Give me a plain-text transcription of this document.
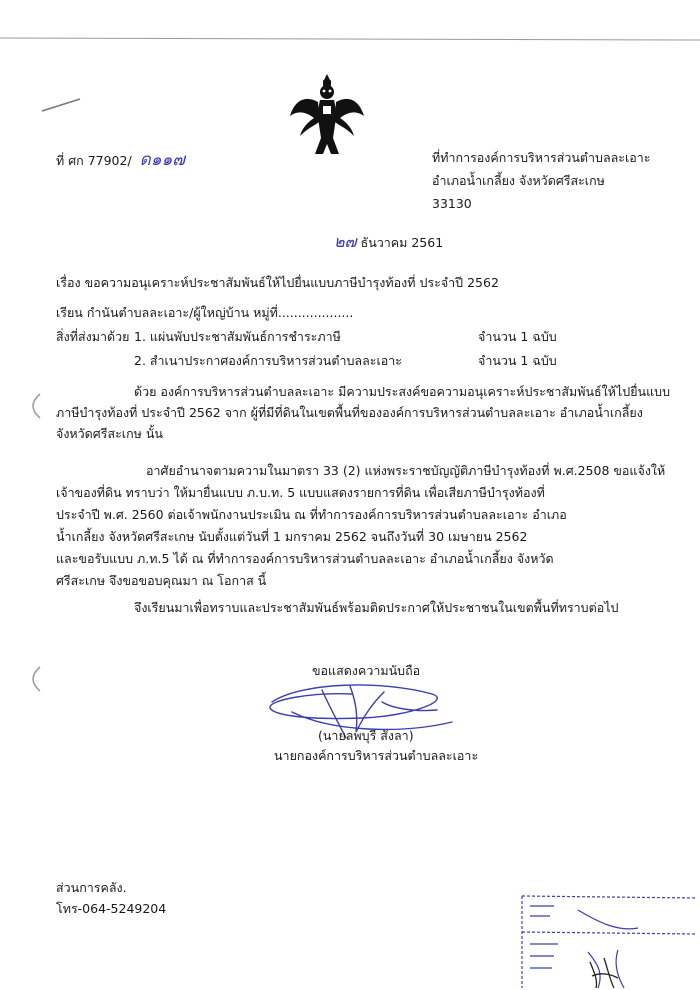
ที่ ศก 77902/ ด๑๑๗	ที่ทำการองค์การบริหารส่วนตำบลละเอาะ
อำเภอน้ำเกลี้ยง จังหวัดศรีสะเกษ
33130
๒๗ ธันวาคม 2561
เรื่อง ขอความอนุเคราะห์ประชาสัมพันธ์ให้ไปยื่นแบบภาษีบำรุงท้องที่ ประจำปี 2562
เรียน กำนันตำบลละเอาะ/ผู้ใหญ่บ้าน หมู่ที่...................
สิ่งที่ส่งมาด้วย 1. แผ่นพับประชาสัมพันธ์การชำระภาษี	จำนวน 1 ฉบับ
2. สำเนาประกาศองค์การบริหารส่วนตำบลละเอาะ	จำนวน 1 ฉบับ
ด้วย องค์การบริหารส่วนตำบลละเอาะ มีความประสงค์ขอความอนุเคราะห์ประชาสัมพันธ์ให้ไปยื่นแบบ
ภาษีบำรุงท้องที่ ประจำปี 2562 จาก ผู้ที่มีที่ดินในเขตพื้นที่ขององค์การบริหารส่วนตำบลละเอาะ อำเภอน้ำเกลี้ยง
จังหวัดศรีสะเกษ นั้น
อาศัยอำนาจตามความในมาตรา 33 (2) แห่งพระราชบัญญัติภาษีบำรุงท้องที่ พ.ศ.2508 ขอแจ้งให้
เจ้าของที่ดิน ทราบว่า ให้มายื่นแบบ ภ.บ.ท. 5 แบบแสดงรายการที่ดิน เพื่อเสียภาษีบำรุงท้องที่
ประจำปี พ.ศ. 2560 ต่อเจ้าพนักงานประเมิน ณ ที่ทำการองค์การบริหารส่วนตำบลละเอาะ อำเภอ
น้ำเกลี้ยง จังหวัดศรีสะเกษ นับตั้งแต่วันที่ 1 มกราคม 2562 จนถึงวันที่ 30 เมษายน 2562
และขอรับแบบ ภ.ท.5 ได้ ณ ที่ทำการองค์การบริหารส่วนตำบลละเอาะ อำเภอน้ำเกลี้ยง จังหวัด
ศรีสะเกษ จึงขอขอบคุณมา ณ โอกาส นี้
จึงเรียนมาเพื่อทราบและประชาสัมพันธ์พร้อมติดประกาศให้ประชาชนในเขตพื้นที่ทราบต่อไป
ขอแสดงความนับถือ
(นายลพบุรี สังลา)
นายกองค์การบริหารส่วนตำบลละเอาะ
ส่วนการคลัง.
โทร-064-5249204
